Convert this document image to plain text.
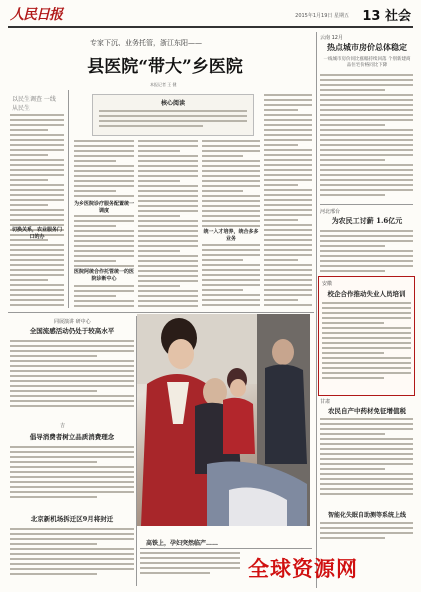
人民日报	2015年1月19日 星期五 13 社会
以民生调查 一线从民生
切换关系，农业服务门口的办
专家下沉、业务托管，浙江东阳——
县医院“带大”乡医院
本报记者 王 健
核心阅读
为乡医院诊疗服务配置统一调度
医院阿统合作托管统一的医院诊断中心
统一入才培养，统合多多业务
云南 12月
热点城市房价总体稳定
一线城市房价同比涨幅持续回落 个别新建商品住宅价格同比下降
河北邢台
为农民工讨薪 1.6亿元
安徽
校企合作推动失业人员培训
甘肃
农民自产中药材免征增值税
智能化失眠自助测等系统上线
同展演讲 研中心
全国流感活动仍处于较高水平
吉
倡导消费者树立品质消费理念
北京新机场拆迁区9月将封迁
高铁上，孕妇突然临产……
全球资源网
